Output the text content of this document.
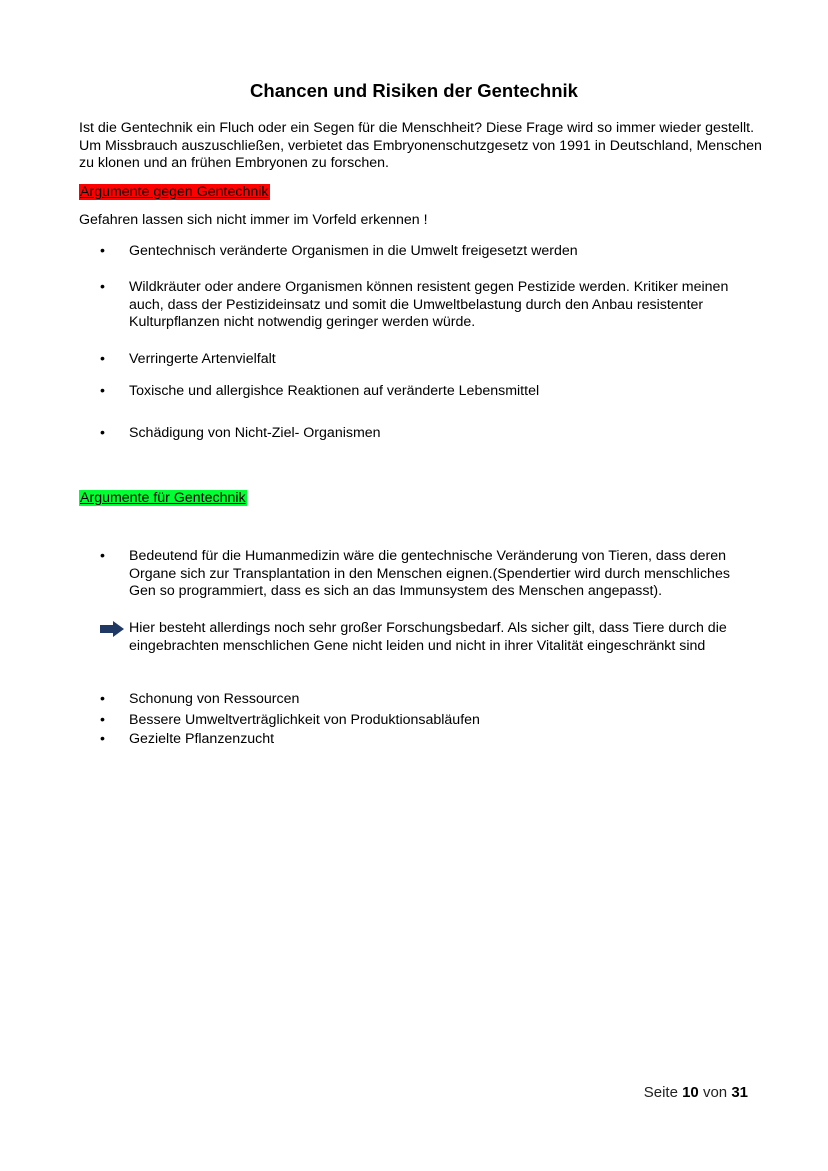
Chancen und Risiken der Gentechnik
Ist die Gentechnik ein Fluch oder ein Segen für die Menschheit? Diese Frage wird so immer wieder gestellt. Um Missbrauch auszuschließen, verbietet das Embryonenschutzgesetz von 1991 in Deutschland, Menschen zu klonen und an frühen Embryonen zu forschen.
Argumente gegen Gentechnik
Gefahren lassen sich nicht immer im Vorfeld erkennen !
•	Gentechnisch veränderte Organismen in die Umwelt freigesetzt werden
•	Wildkräuter oder andere Organismen können resistent gegen Pestizide werden. Kritiker meinen auch, dass der Pestizideinsatz und somit die Umweltbelastung durch den Anbau resistenter Kulturpflanzen nicht notwendig geringer werden würde.
•	Verringerte Artenvielfalt
•	Toxische und allergishce Reaktionen auf veränderte Lebensmittel
•	Schädigung von Nicht-Ziel- Organismen
Argumente für Gentechnik
•	Bedeutend für die Humanmedizin wäre die gentechnische Veränderung von Tieren, dass deren Organe sich zur Transplantation in den Menschen eignen.(Spendertier wird durch menschliches Gen so programmiert, dass es sich an das Immunsystem des Menschen angepasst).
Hier besteht allerdings noch sehr großer Forschungsbedarf. Als sicher gilt, dass Tiere durch die eingebrachten menschlichen Gene nicht leiden und nicht in ihrer Vitalität eingeschränkt sind
•	Schonung von Ressourcen
•	Bessere Umweltverträglichkeit von Produktionsabläufen
•	Gezielte Pflanzenzucht
Seite 10 von 31
